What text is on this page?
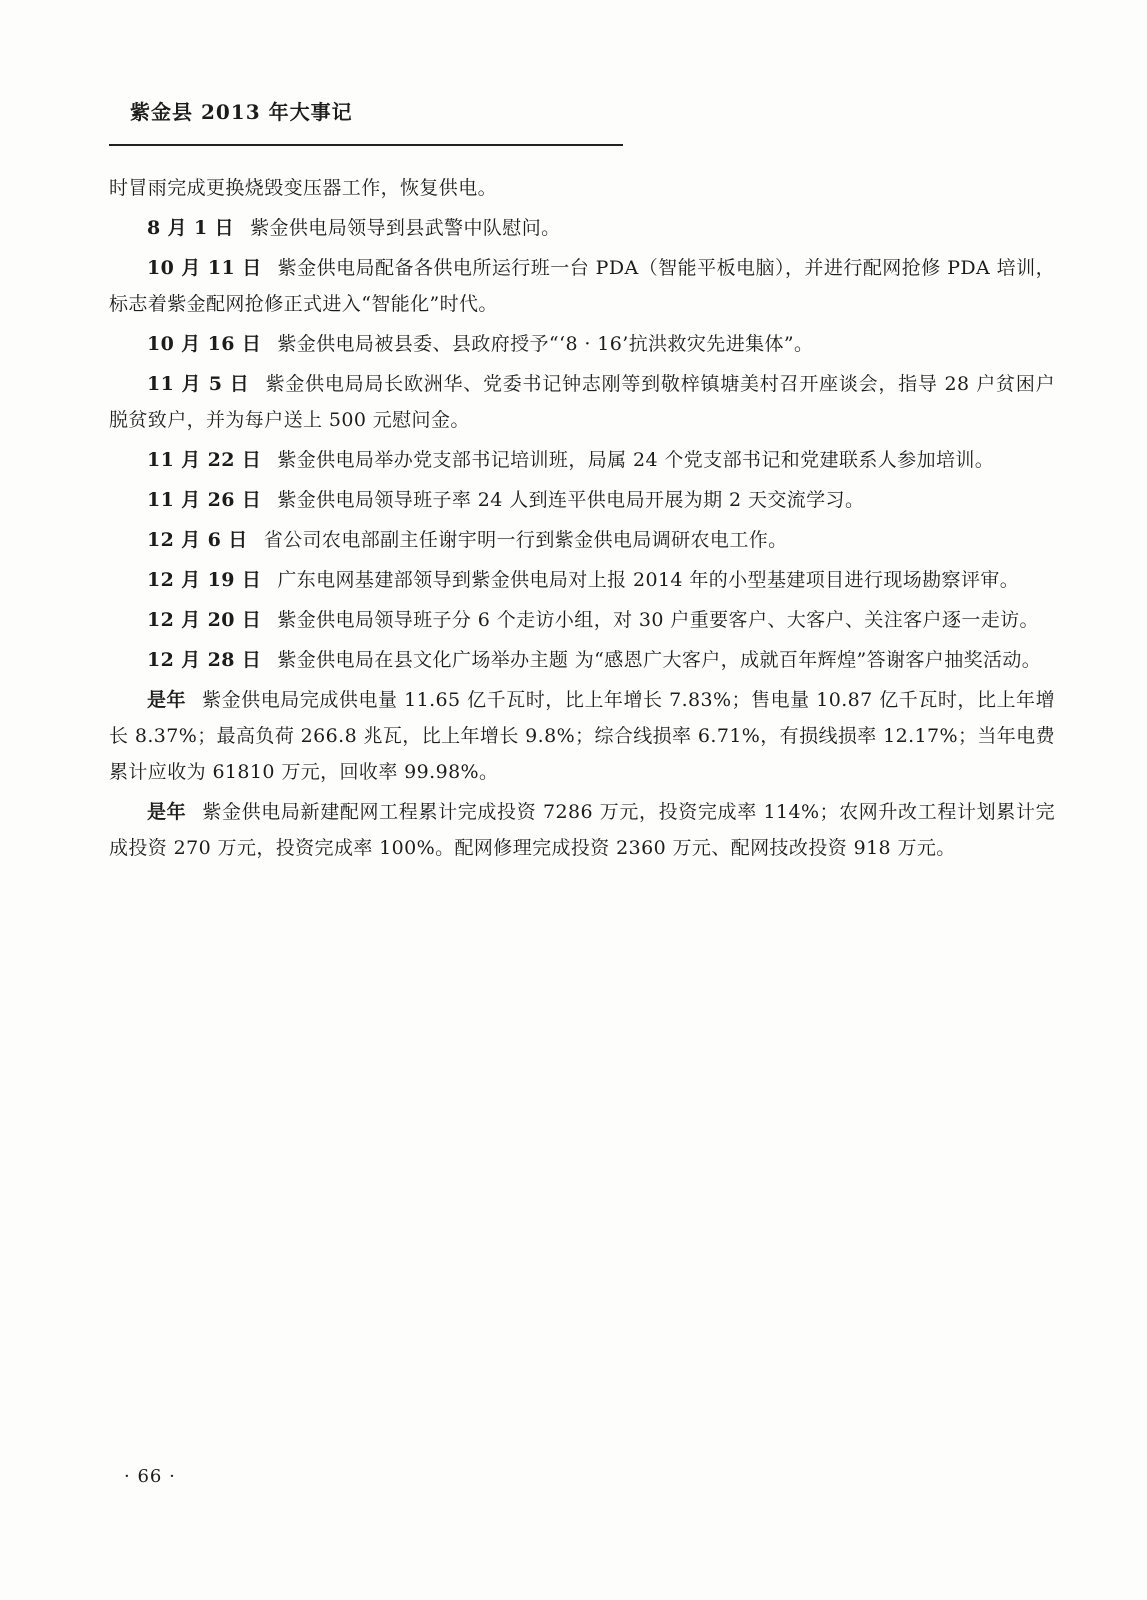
紫金县 2013 年大事记

时冒雨完成更换烧毁变压器工作，恢复供电。

8 月 1 日 紫金供电局领导到县武警中队慰问。

10 月 11 日 紫金供电局配备各供电所运行班一台 PDA（智能平板电脑），并进行配网抢修 PDA 培训，标志着紫金配网抢修正式进入“智能化”时代。

10 月 16 日 紫金供电局被县委、县政府授予“‘8 · 16’抗洪救灾先进集体”。

11 月 5 日 紫金供电局局长欧洲华、党委书记钟志刚等到敬梓镇塘美村召开座谈会，指导 28 户贫困户脱贫致户，并为每户送上 500 元慰问金。

11 月 22 日 紫金供电局举办党支部书记培训班，局属 24 个党支部书记和党建联系人参加培训。

11 月 26 日 紫金供电局领导班子率 24 人到连平供电局开展为期 2 天交流学习。

12 月 6 日 省公司农电部副主任谢宇明一行到紫金供电局调研农电工作。

12 月 19 日 广东电网基建部领导到紫金供电局对上报 2014 年的小型基建项目进行现场勘察评审。

12 月 20 日 紫金供电局领导班子分 6 个走访小组，对 30 户重要客户、大客户、关注客户逐一走访。

12 月 28 日 紫金供电局在县文化广场举办主题 为“感恩广大客户，成就百年辉煌”答谢客户抽奖活动。

是年 紫金供电局完成供电量 11.65 亿千瓦时，比上年增长 7.83%；售电量 10.87 亿千瓦时，比上年增长 8.37%；最高负荷 266.8 兆瓦，比上年增长 9.8%；综合线损率 6.71%，有损线损率 12.17%；当年电费累计应收为 61810 万元，回收率 99.98%。

是年 紫金供电局新建配网工程累计完成投资 7286 万元，投资完成率 114%；农网升改工程计划累计完成投资 270 万元，投资完成率 100%。配网修理完成投资 2360 万元、配网技改投资 918 万元。

· 66 ·
